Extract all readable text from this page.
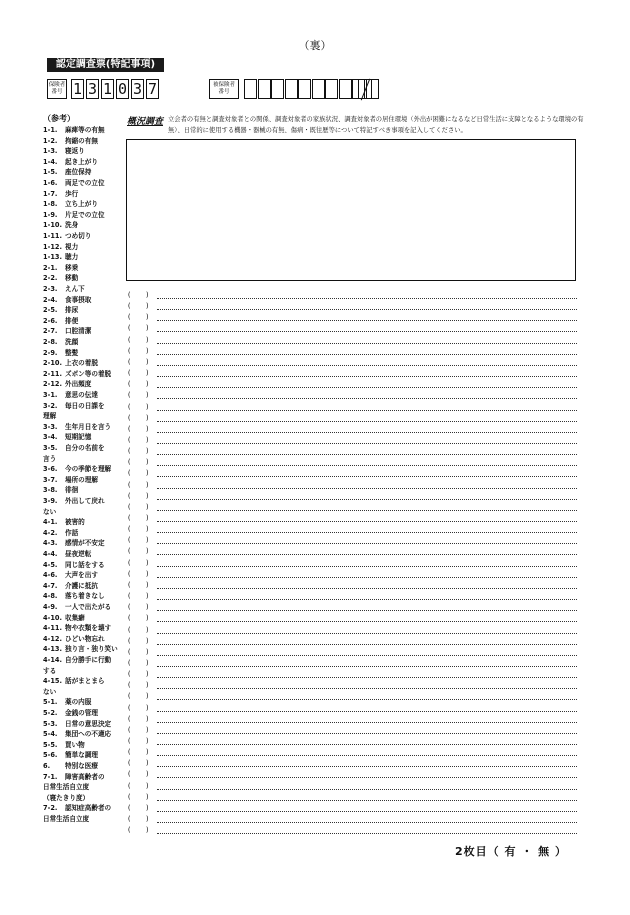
（裏）
認定調査票(特記事項)
保険者
番号 1 3 1 0 3 7	被保険者
番号
（参考）
1-1. 麻痺等の有無
1-2. 拘縮の有無
1-3. 寝返り
1-4. 起き上がり
1-5. 座位保持
1-6. 両足での立位
1-7. 歩行
1-8. 立ち上がり
1-9. 片足での立位
1-10. 洗身
1-11. つめ切り
1-12. 視力
1-13. 聴力
2-1. 移乗
2-2. 移動
2-3. えん下
2-4. 食事摂取
2-5. 排尿
2-6. 排便
2-7. 口腔清潔
2-8. 洗顔
2-9. 整髪
2-10. 上衣の着脱
2-11. ズボン等の着脱
2-12. 外出頻度
3-1. 意思の伝達
3-2. 毎日の日課を
理解
3-3. 生年月日を言う
3-4. 短期記憶
3-5. 自分の名前を
言う
3-6. 今の季節を理解
3-7. 場所の理解
3-8. 徘徊
3-9. 外出して戻れ
ない
4-1. 被害的
4-2. 作話
4-3. 感情が不安定
4-4. 昼夜逆転
4-5. 同じ話をする
4-6. 大声を出す
4-7. 介護に抵抗
4-8. 落ち着きなし
4-9. 一人で出たがる
4-10. 収集癖
4-11. 物や衣類を壊す
4-12. ひどい物忘れ
4-13. 独り言・独り笑い
4-14. 自分勝手に行動
する
4-15. 話がまとまら
ない
5-1. 薬の内服
5-2. 金銭の管理
5-3. 日常の意思決定
5-4. 集団への不適応
5-5. 買い物
5-6. 簡単な調理
6. 特別な医療
7-1. 障害高齢者の
日常生活自立度
（寝たきり度）
7-2. 認知症高齢者の
日常生活自立度
概況調査 立会者の有無と調査対象者との関係、調査対象者の家族状況、調査対象者の居住環境（外出が困難になるなど日常生活に支障となるような環境の有無）、日常的に使用する機器・器械の有無、傷病・既往歴等について特記すべき事項を記入してください。
(　　)
(　　)
(　　)
(　　)
(　　)
(　　)
(　　)
(　　)
(　　)
(　　)
(　　)
(　　)
(　　)
(　　)
(　　)
(　　)
(　　)
(　　)
(　　)
(　　)
(　　)
(　　)
(　　)
(　　)
(　　)
(　　)
(　　)
(　　)
(　　)
(　　)
(　　)
(　　)
(　　)
(　　)
(　　)
(　　)
(　　)
(　　)
(　　)
(　　)
(　　)
(　　)
(　　)
(　　)
(　　)
(　　)
(　　)
(　　)
(　　)
2枚目（ 有 ・ 無 ）
